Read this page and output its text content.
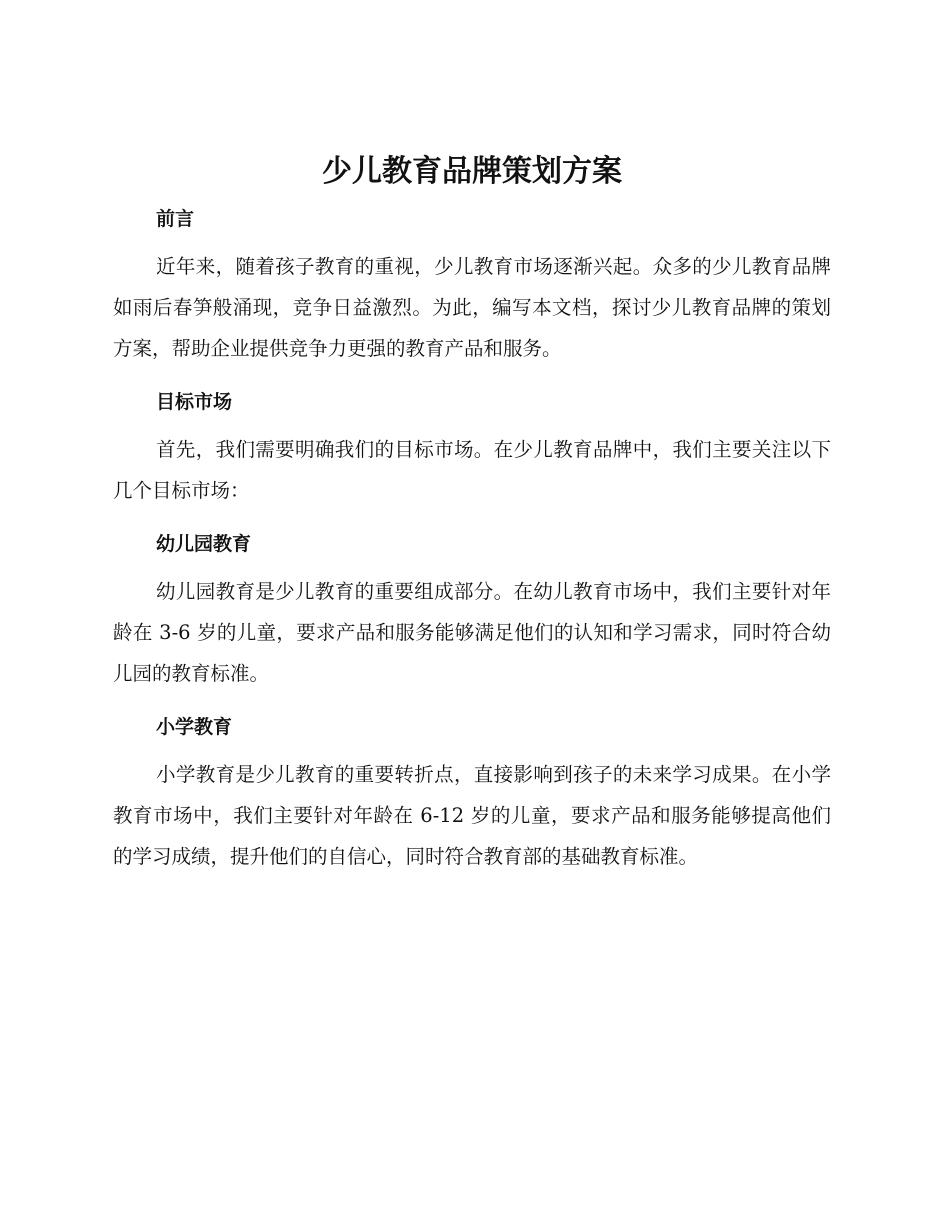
少儿教育品牌策划方案
前言

近年来，随着孩子教育的重视，少儿教育市场逐渐兴起。众多的少儿教育品牌如雨后春笋般涌现，竞争日益激烈。为此，编写本文档，探讨少儿教育品牌的策划方案，帮助企业提供竞争力更强的教育产品和服务。

目标市场

首先，我们需要明确我们的目标市场。在少儿教育品牌中，我们主要关注以下几个目标市场：

幼儿园教育

幼儿园教育是少儿教育的重要组成部分。在幼儿教育市场中，我们主要针对年龄在 3-6 岁的儿童，要求产品和服务能够满足他们的认知和学习需求，同时符合幼儿园的教育标准。

小学教育

小学教育是少儿教育的重要转折点，直接影响到孩子的未来学习成果。在小学教育市场中，我们主要针对年龄在 6-12 岁的儿童，要求产品和服务能够提高他们的学习成绩，提升他们的自信心，同时符合教育部的基础教育标准。
